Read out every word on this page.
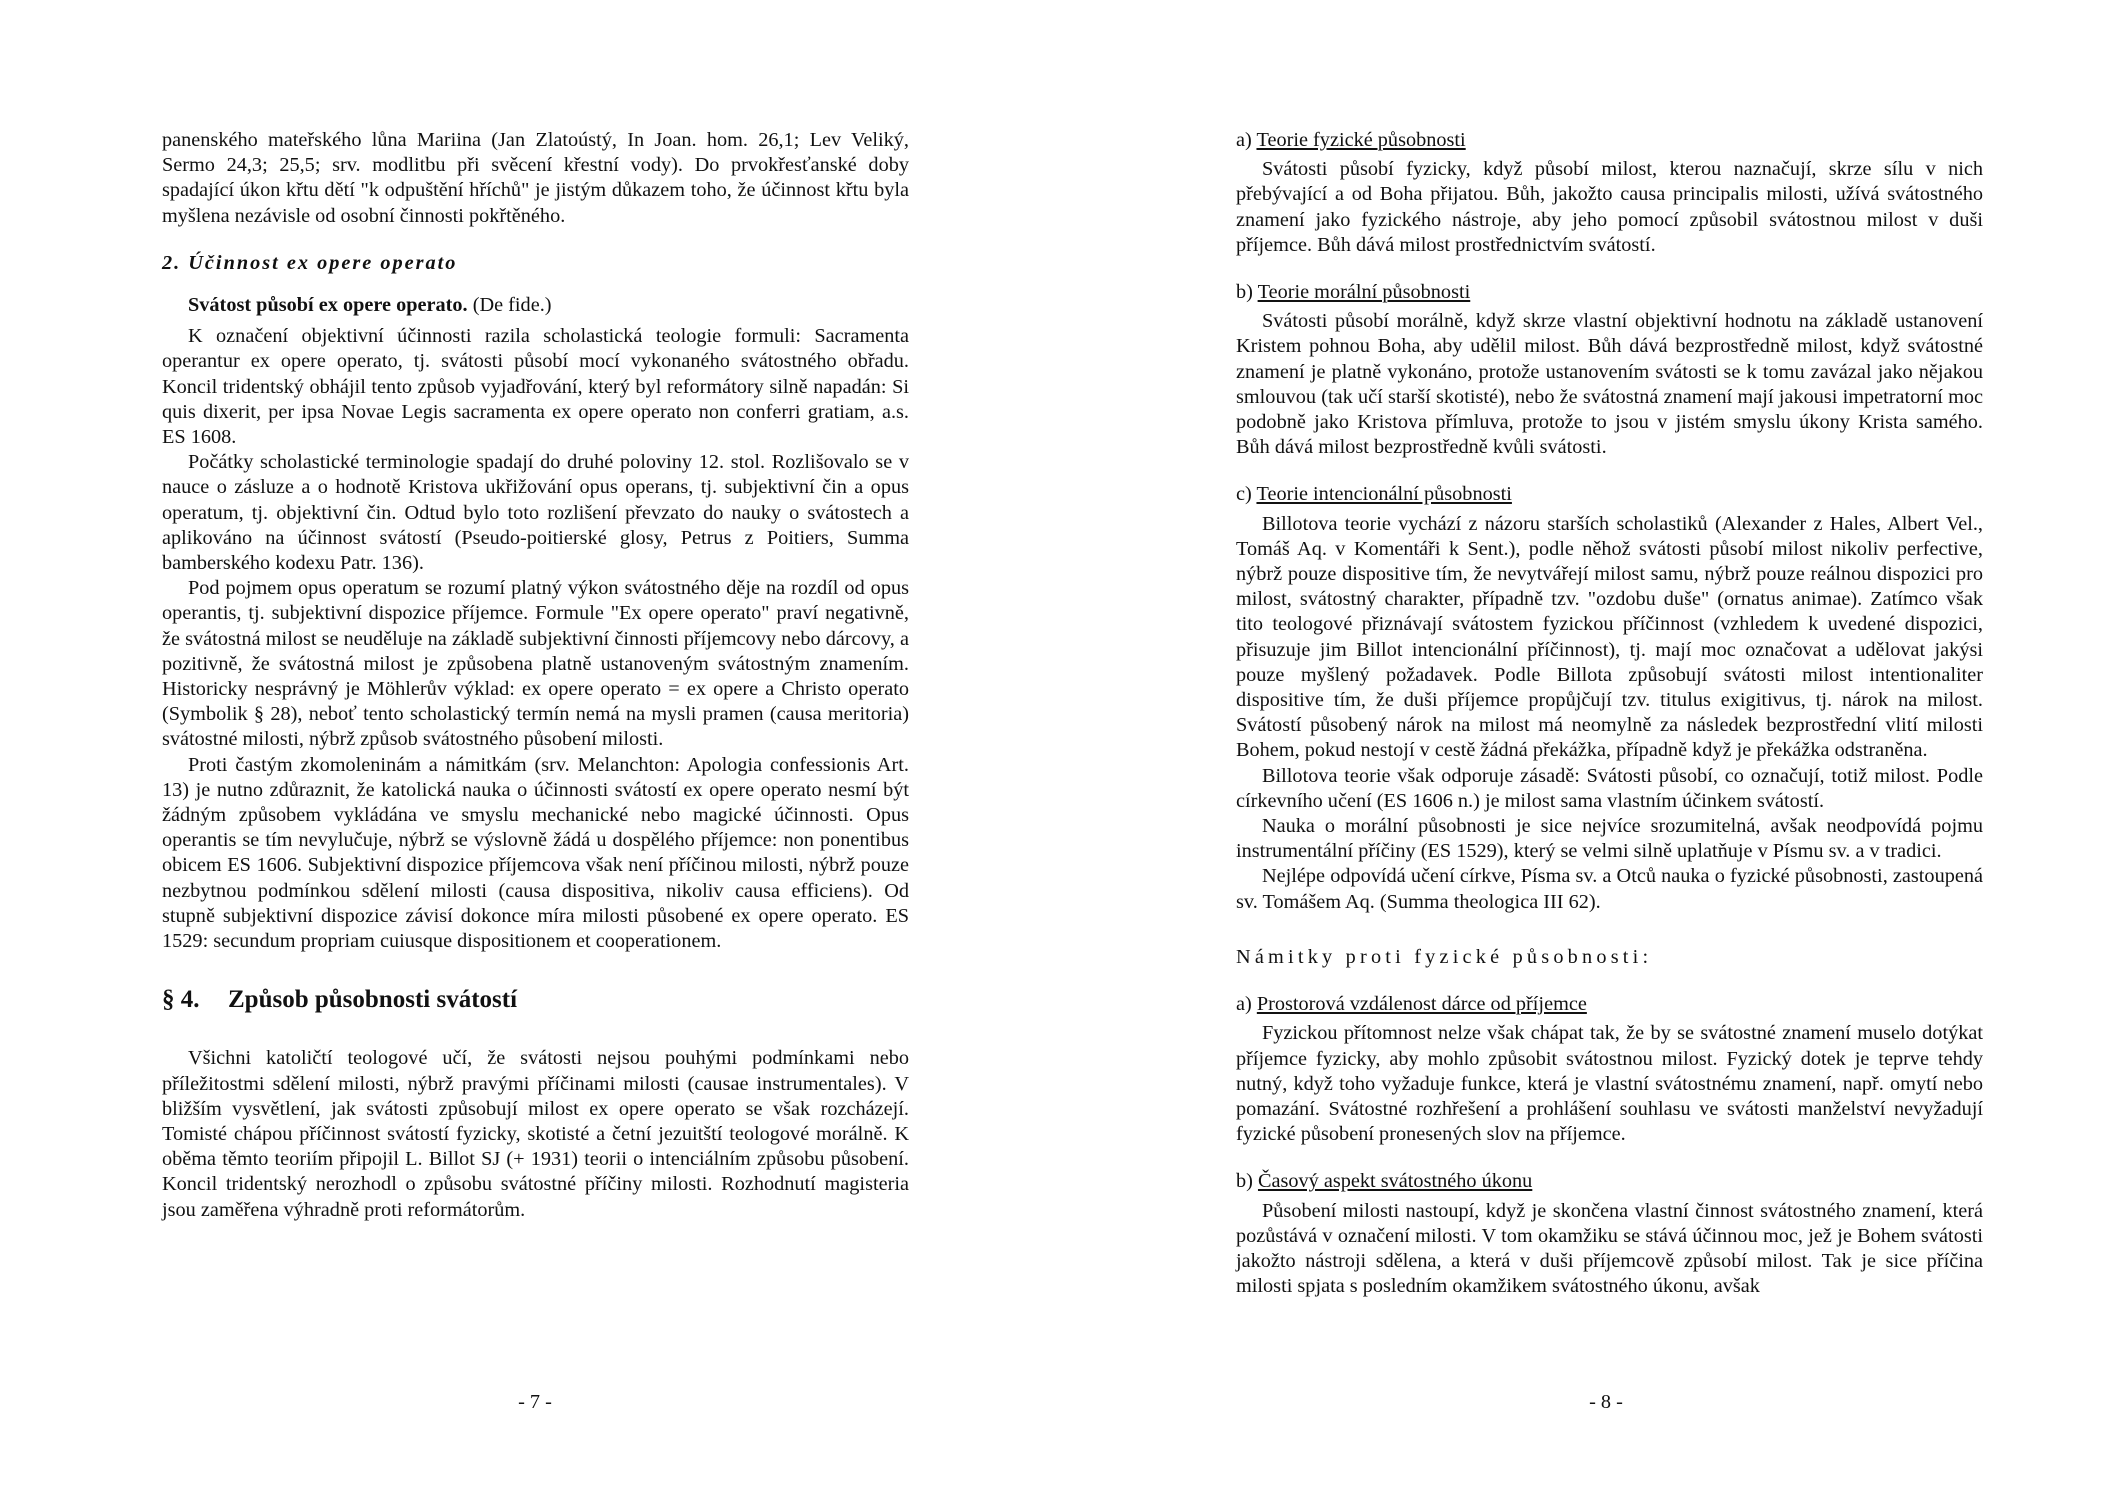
panenského mateřského lůna Mariina (Jan Zlatoústý, In Joan. hom. 26,1; Lev Veliký, Sermo 24,3; 25,5; srv. modlitbu při svěcení křestní vody). Do prvokřesťanské doby spadající úkon křtu dětí "k odpuštění hříchů" je jistým důkazem toho, že účinnost křtu byla myšlena nezávisle od osobní činnosti pokřtěného.

2. Účinnost ex opere operato

Svátost působí ex opere operato. (De fide.)

K označení objektivní účinnosti razila scholastická teologie formuli: Sacramenta operantur ex opere operato, tj. svátosti působí mocí vykonaného svátostného obřadu. Koncil tridentský obhájil tento způsob vyjadřování, který byl reformátory silně napadán: Si quis dixerit, per ipsa Novae Legis sacramenta ex opere operato non conferri gratiam, a.s. ES 1608.

Počátky scholastické terminologie spadají do druhé poloviny 12. stol. Rozlišovalo se v nauce o zásluze a o hodnotě Kristova ukřižování opus operans, tj. subjektivní čin a opus operatum, tj. objektivní čin. Odtud bylo toto rozlišení převzato do nauky o svátostech a aplikováno na účinnost svátostí (Pseudo-poitierské glosy, Petrus z Poitiers, Summa bamberského kodexu Patr. 136).

Pod pojmem opus operatum se rozumí platný výkon svátostného děje na rozdíl od opus operantis, tj. subjektivní dispozice příjemce. Formule "Ex opere operato" praví negativně, že svátostná milost se neuděluje na základě subjektivní činnosti příjemcovy nebo dárcovy, a pozitivně, že svátostná milost je způsobena platně ustanoveným svátostným znamením. Historicky nesprávný je Möhlerův výklad: ex opere operato = ex opere a Christo operato (Symbolik § 28), neboť tento scholastický termín nemá na mysli pramen (causa meritoria) svátostné milosti, nýbrž způsob svátostného působení milosti.

Proti častým zkomoleninám a námitkám (srv. Melanchton: Apologia confessionis Art. 13) je nutno zdůraznit, že katolická nauka o účinnosti svátostí ex opere operato nesmí být žádným způsobem vykládána ve smyslu mechanické nebo magické účinnosti. Opus operantis se tím nevylučuje, nýbrž se výslovně žádá u dospělého příjemce: non ponentibus obicem ES 1606. Subjektivní dispozice příjemcova však není příčinou milosti, nýbrž pouze nezbytnou podmínkou sdělení milosti (causa dispositiva, nikoliv causa efficiens). Od stupně subjektivní dispozice závisí dokonce míra milosti působené ex opere operato. ES 1529: secundum propriam cuiusque dispositionem et cooperationem.

§ 4. Způsob působnosti svátostí

Všichni katoličtí teologové učí, že svátosti nejsou pouhými podmínkami nebo příležitostmi sdělení milosti, nýbrž pravými příčinami milosti (causae instrumentales). V bližším vysvětlení, jak svátosti způsobují milost ex opere operato se však rozcházejí. Tomisté chápou příčinnost svátostí fyzicky, skotisté a četní jezuitští teologové morálně. K oběma těmto teoriím připojil L. Billot SJ (+ 1931) teorii o intenciálním způsobu působení. Koncil tridentský nerozhodl o způsobu svátostné příčiny milosti. Rozhodnutí magisteria jsou zaměřena výhradně proti reformátorům.

- 7 -

a) Teorie fyzické působnosti

Svátosti působí fyzicky, když působí milost, kterou naznačují, skrze sílu v nich přebývající a od Boha přijatou. Bůh, jakožto causa principalis milosti, užívá svátostného znamení jako fyzického nástroje, aby jeho pomocí způsobil svátostnou milost v duši příjemce. Bůh dává milost prostřednictvím svátostí.

b) Teorie morální působnosti

Svátosti působí morálně, když skrze vlastní objektivní hodnotu na základě ustanovení Kristem pohnou Boha, aby udělil milost. Bůh dává bezprostředně milost, když svátostné znamení je platně vykonáno, protože ustanovením svátosti se k tomu zavázal jako nějakou smlouvou (tak učí starší skotisté), nebo že svátostná znamení mají jakousi impetratorní moc podobně jako Kristova přímluva, protože to jsou v jistém smyslu úkony Krista samého. Bůh dává milost bezprostředně kvůli svátosti.

c) Teorie intencionální působnosti

Billotova teorie vychází z názoru starších scholastiků (Alexander z Hales, Albert Vel., Tomáš Aq. v Komentáři k Sent.), podle něhož svátosti působí milost nikoliv perfective, nýbrž pouze dispositive tím, že nevytvářejí milost samu, nýbrž pouze reálnou dispozici pro milost, svátostný charakter, případně tzv. "ozdobu duše" (ornatus animae). Zatímco však tito teologové přiznávají svátostem fyzickou příčinnost (vzhledem k uvedené dispozici, přisuzuje jim Billot intencionální příčinnost), tj. mají moc označovat a udělovat jakýsi pouze myšlený požadavek. Podle Billota způsobují svátosti milost intentionaliter dispositive tím, že duši příjemce propůjčují tzv. titulus exigitivus, tj. nárok na milost. Svátostí působený nárok na milost má neomylně za následek bezprostřední vlití milosti Bohem, pokud nestojí v cestě žádná překážka, případně když je překážka odstraněna.

Billotova teorie však odporuje zásadě: Svátosti působí, co označují, totiž milost. Podle církevního učení (ES 1606 n.) je milost sama vlastním účinkem svátostí.

Nauka o morální působnosti je sice nejvíce srozumitelná, avšak neodpovídá pojmu instrumentální příčiny (ES 1529), který se velmi silně uplatňuje v Písmu sv. a v tradici.

Nejlépe odpovídá učení církve, Písma sv. a Otců nauka o fyzické působnosti, zastoupená sv. Tomášem Aq. (Summa theologica III 62).

Námitky proti fyzické působnosti:

a) Prostorová vzdálenost dárce od příjemce

Fyzickou přítomnost nelze však chápat tak, že by se svátostné znamení muselo dotýkat příjemce fyzicky, aby mohlo způsobit svátostnou milost. Fyzický dotek je teprve tehdy nutný, když toho vyžaduje funkce, která je vlastní svátostnému znamení, např. omytí nebo pomazání. Svátostné rozhřešení a prohlášení souhlasu ve svátosti manželství nevyžadují fyzické působení pronesených slov na příjemce.

b) Časový aspekt svátostného úkonu

Působení milosti nastoupí, když je skončena vlastní činnost svátostného znamení, která pozůstává v označení milosti. V tom okamžiku se stává účinnou moc, jež je Bohem svátosti jakožto nástroji sdělena, a která v duši příjemcově způsobí milost. Tak je sice příčina milosti spjata s posledním okamžikem svátostného úkonu, avšak

- 8 -
